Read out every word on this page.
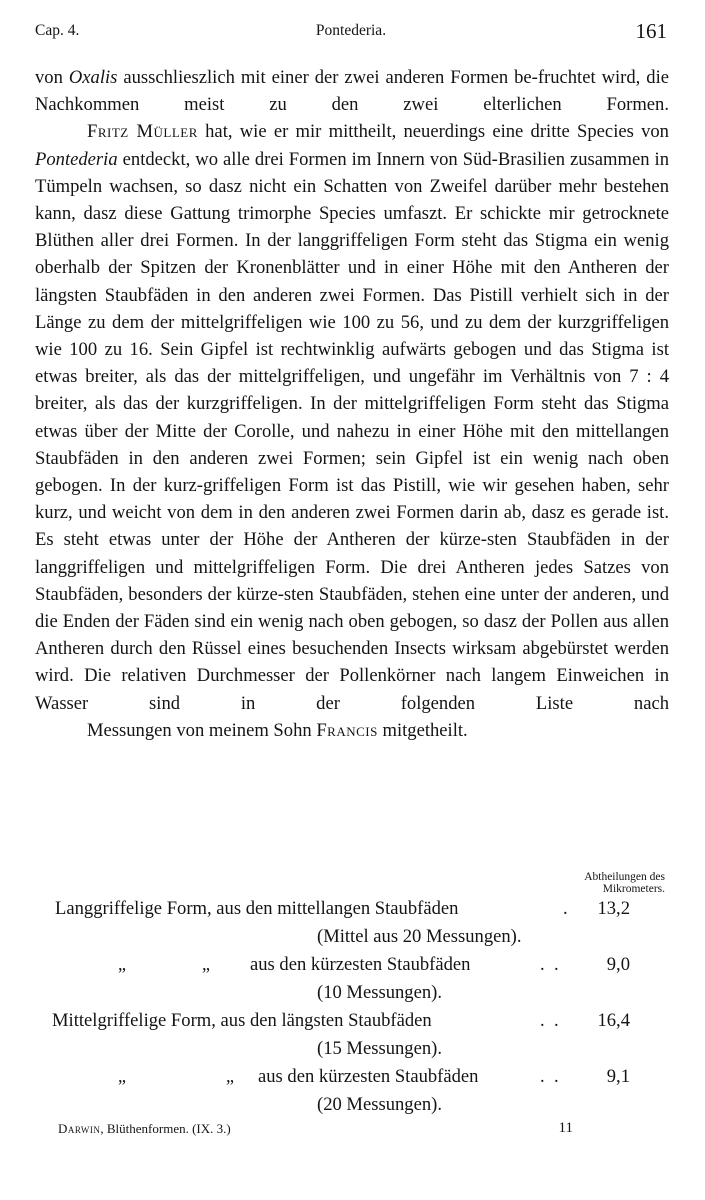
Cap. 4.	Pontederia.	161

von Oxalis ausschlieszlich mit einer der zwei anderen Formen be-fruchtet wird, die Nachkommen meist zu den zwei elterlichen Formen.

Fritz Müller hat, wie er mir mittheilt, neuerdings eine dritte Species von Pontederia entdeckt, wo alle drei Formen im Innern von Süd-Brasilien zusammen in Tümpeln wachsen, so dasz nicht ein Schatten von Zweifel darüber mehr bestehen kann, dasz diese Gattung trimorphe Species umfaszt. Er schickte mir getrocknete Blüthen aller drei Formen. In der langgriffeligen Form steht das Stigma ein wenig oberhalb der Spitzen der Kronenblätter und in einer Höhe mit den Antheren der längsten Staubfäden in den anderen zwei Formen. Das Pistill verhielt sich in der Länge zu dem der mittelgriffeligen wie 100 zu 56, und zu dem der kurzgriffeligen wie 100 zu 16. Sein Gipfel ist rechtwinklig aufwärts gebogen und das Stigma ist etwas breiter, als das der mittelgriffeligen, und ungefähr im Verhältnis von 7 : 4 breiter, als das der kurzgriffeligen. In der mittelgriffeligen Form steht das Stigma etwas über der Mitte der Corolle, und nahezu in einer Höhe mit den mittellangen Staubfäden in den anderen zwei Formen; sein Gipfel ist ein wenig nach oben gebogen. In der kurz-griffeligen Form ist das Pistill, wie wir gesehen haben, sehr kurz, und weicht von dem in den anderen zwei Formen darin ab, dasz es gerade ist. Es steht etwas unter der Höhe der Antheren der kürze-sten Staubfäden in der langgriffeligen und mittelgriffeligen Form. Die drei Antheren jedes Satzes von Staubfäden, besonders der kürze-sten Staubfäden, stehen eine unter der anderen, und die Enden der Fäden sind ein wenig nach oben gebogen, so dasz der Pollen aus allen Antheren durch den Rüssel eines besuchenden Insects wirksam abgebürstet werden wird. Die relativen Durchmesser der Pollenkörner nach langem Einweichen in Wasser sind in der folgenden Liste nach
Messungen von meinem Sohn Francis mitgetheilt.

Abtheilungen des
Mikrometers.
Langgriffelige Form, aus den mittellangen Staubfäden	. 13,2
(Mittel aus 20 Messungen).
„	„ aus den kürzesten Staubfäden	.  .	9,0
(10 Messungen).
Mittelgriffelige Form, aus den längsten Staubfäden	.  . 16,4
(15 Messungen).
„	„ aus den kürzesten Staubfäden	.  .	9,1
(20 Messungen).
Darwin, Blüthenformen. (IX. 3.)	11
